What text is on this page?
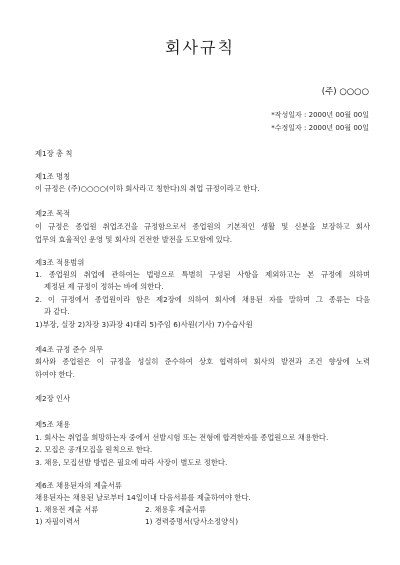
회사규칙
(주) ○○○○
*작성일자 : 2000년 00월 00일
*수정일자 : 2000년 00월 00일
제1장 총 칙
제1조 명칭
이 규정은 (주)○○○○(이하 회사라고 칭한다)의 취업 규정이라고 한다.
제2조 목적
이 규정은 종업원 취업조건을 규정함으로서 종업원의 기본적인 생활 및 신분을 보장하고 회사
업무의 효율적인 운영 및 회사의 건전한 발전을 도모함에 있다.
제3조 적용범위
1. 종업원의 취업에 관하여는 법령으로 특별히 구성된 사항을 제외하고는 본 규정에 의하며
제정된 제 규정이 정하는 바에 의한다.
2. 이 규정에서 종업원이라 함은 제2장에 의하여 회사에 채용된 자를 말하며 그 종류는 다음
과 같다.
1)부장, 실장 2)차장 3)과장 4)대리 5)주임 6)사원(기사) 7)수습사원
제4조 규정 준수 의무
회사와 종업원은 이 규정을 성실히 준수하여 상호 협력하여 회사의 발전과 조건 향상에 노력
하여야 한다.
제2장 인사
제5조 채용
1. 회사는 취업을 희망하는자 중에서 선발시험 또는 전형에 합격한자를 종업원으로 채용한다.
2. 모집은 공개모집을 원칙으로 한다.
3. 채용, 모집선발 방법은 필요에 따라 사장이 별도로 정한다.
제6조 채용된자의 제출서류
채용된자는 채용된 날로부터 14일이내 다음서류를 제출하여야 한다.
1. 채용전 제출 서류	2. 채용후 제출서류
1) 자필이력서	1) 경력증명서(당사소정양식)
